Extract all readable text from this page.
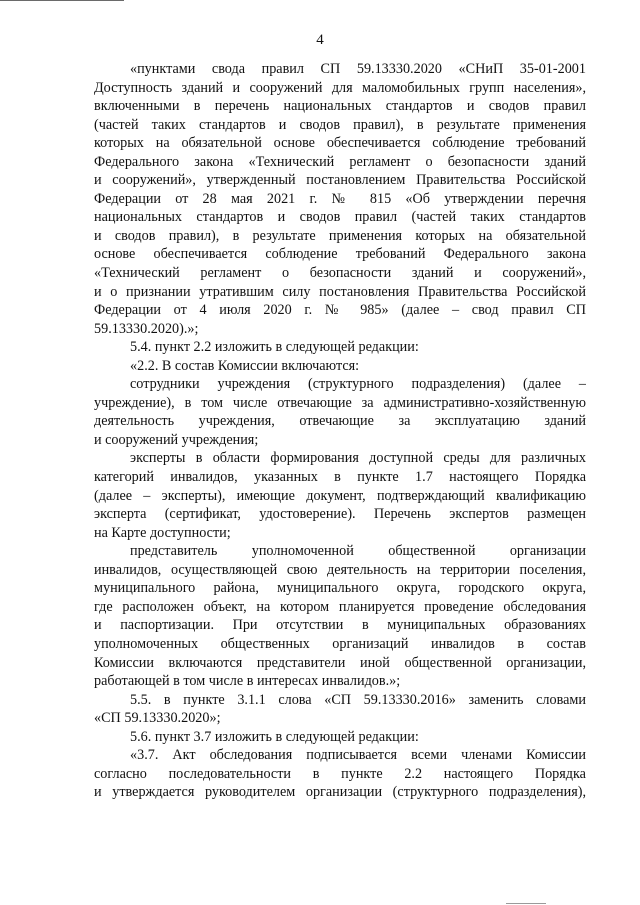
4
«пунктами свода правил СП 59.13330.2020 «СНиП 35-01-2001
Доступность зданий и сооружений для маломобильных групп населения»,
включенными в перечень национальных стандартов и сводов правил
(частей таких стандартов и сводов правил), в результате применения
которых на обязательной основе обеспечивается соблюдение требований
Федерального закона «Технический регламент о безопасности зданий
и сооружений», утвержденный постановлением Правительства Российской
Федерации от 28 мая 2021 г. № 815 «Об утверждении перечня
национальных стандартов и сводов правил (частей таких стандартов
и сводов правил), в результате применения которых на обязательной
основе обеспечивается соблюдение требований Федерального закона
«Технический регламент о безопасности зданий и сооружений»,
и о признании утратившим силу постановления Правительства Российской
Федерации от 4 июля 2020 г. № 985» (далее – свод правил СП
59.13330.2020).»;
5.4. пункт 2.2 изложить в следующей редакции:
«2.2. В состав Комиссии включаются:
сотрудники учреждения (структурного подразделения) (далее –
учреждение), в том числе отвечающие за административно-хозяйственную
деятельность учреждения, отвечающие за эксплуатацию зданий
и сооружений учреждения;
эксперты в области формирования доступной среды для различных
категорий инвалидов, указанных в пункте 1.7 настоящего Порядка
(далее – эксперты), имеющие документ, подтверждающий квалификацию
эксперта (сертификат, удостоверение). Перечень экспертов размещен
на Карте доступности;
представитель уполномоченной общественной организации
инвалидов, осуществляющей свою деятельность на территории поселения,
муниципального района, муниципального округа, городского округа,
где расположен объект, на котором планируется проведение обследования
и паспортизации. При отсутствии в муниципальных образованиях
уполномоченных общественных организаций инвалидов в состав
Комиссии включаются представители иной общественной организации,
работающей в том числе в интересах инвалидов.»;
5.5. в пункте 3.1.1 слова «СП 59.13330.2016» заменить словами
«СП 59.13330.2020»;
5.6. пункт 3.7 изложить в следующей редакции:
«3.7. Акт обследования подписывается всеми членами Комиссии
согласно последовательности в пункте 2.2 настоящего Порядка
и утверждается руководителем организации (структурного подразделения),
